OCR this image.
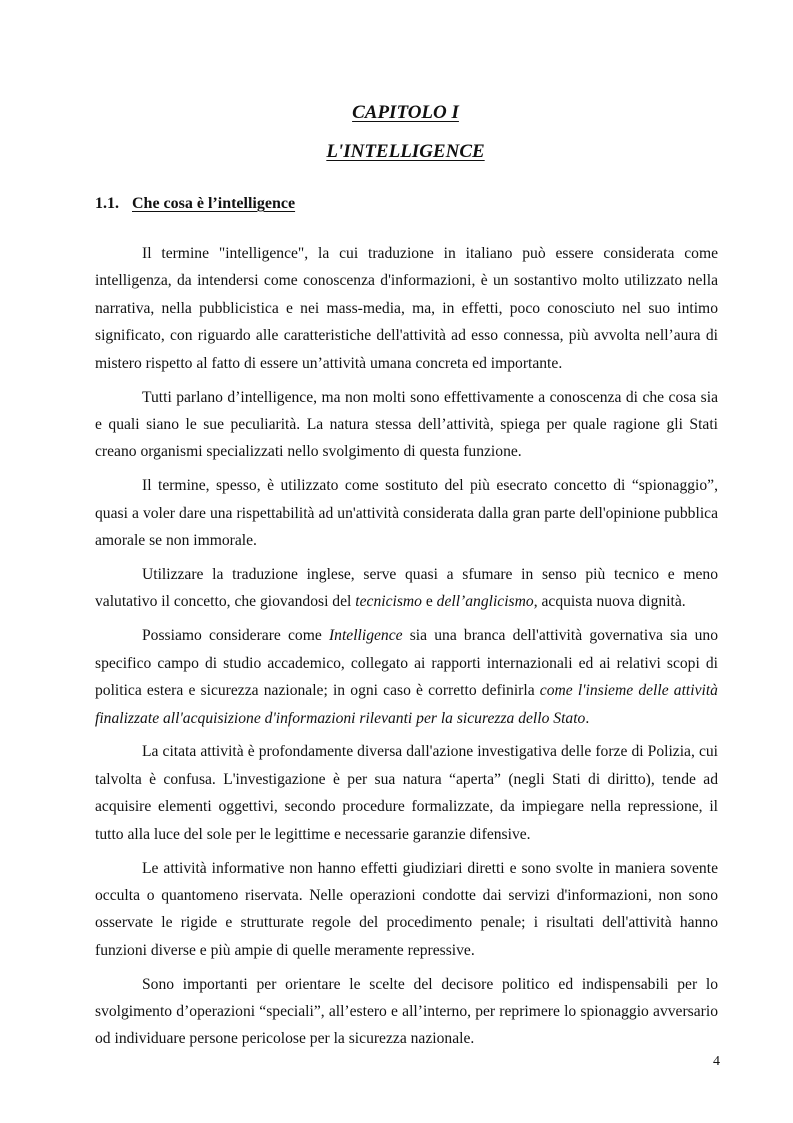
CAPITOLO I
L'INTELLIGENCE
1.1. Che cosa è l’intelligence

Il termine "intelligence", la cui traduzione in italiano può essere considerata come intelligenza, da intendersi come conoscenza d'informazioni, è un sostantivo molto utilizzato nella narrativa, nella pubblicistica e nei mass-media, ma, in effetti, poco conosciuto nel suo intimo significato, con riguardo alle caratteristiche dell'attività ad esso connessa, più avvolta nell’aura di mistero rispetto al fatto di essere un’attività umana concreta ed importante.

Tutti parlano d’intelligence, ma non molti sono effettivamente a conoscenza di che cosa sia e quali siano le sue peculiarità. La natura stessa dell’attività, spiega per quale ragione gli Stati creano organismi specializzati nello svolgimento di questa funzione.

Il termine, spesso, è utilizzato come sostituto del più esecrato concetto di “spionaggio”, quasi a voler dare una rispettabilità ad un'attività considerata dalla gran parte dell'opinione pubblica amorale se non immorale.

Utilizzare la traduzione inglese, serve quasi a sfumare in senso più tecnico e meno valutativo il concetto, che giovandosi del tecnicismo e dell’anglicismo, acquista nuova dignità.

Possiamo considerare come Intelligence sia una branca dell'attività governativa sia uno specifico campo di studio accademico, collegato ai rapporti internazionali ed ai relativi scopi di politica estera e sicurezza nazionale; in ogni caso è corretto definirla come l'insieme delle attività finalizzate all'acquisizione d'informazioni rilevanti per la sicurezza dello Stato.

La citata attività è profondamente diversa dall'azione investigativa delle forze di Polizia, cui talvolta è confusa. L'investigazione è per sua natura “aperta” (negli Stati di diritto), tende ad acquisire elementi oggettivi, secondo procedure formalizzate, da impiegare nella repressione, il tutto alla luce del sole per le legittime e necessarie garanzie difensive.

Le attività informative non hanno effetti giudiziari diretti e sono svolte in maniera sovente occulta o quantomeno riservata. Nelle operazioni condotte dai servizi d'informazioni, non sono osservate le rigide e strutturate regole del procedimento penale; i risultati dell'attività hanno funzioni diverse e più ampie di quelle meramente repressive.

Sono importanti per orientare le scelte del decisore politico ed indispensabili per lo svolgimento d’operazioni “speciali”, all’estero e all’interno, per reprimere lo spionaggio avversario od individuare persone pericolose per la sicurezza nazionale.

4
